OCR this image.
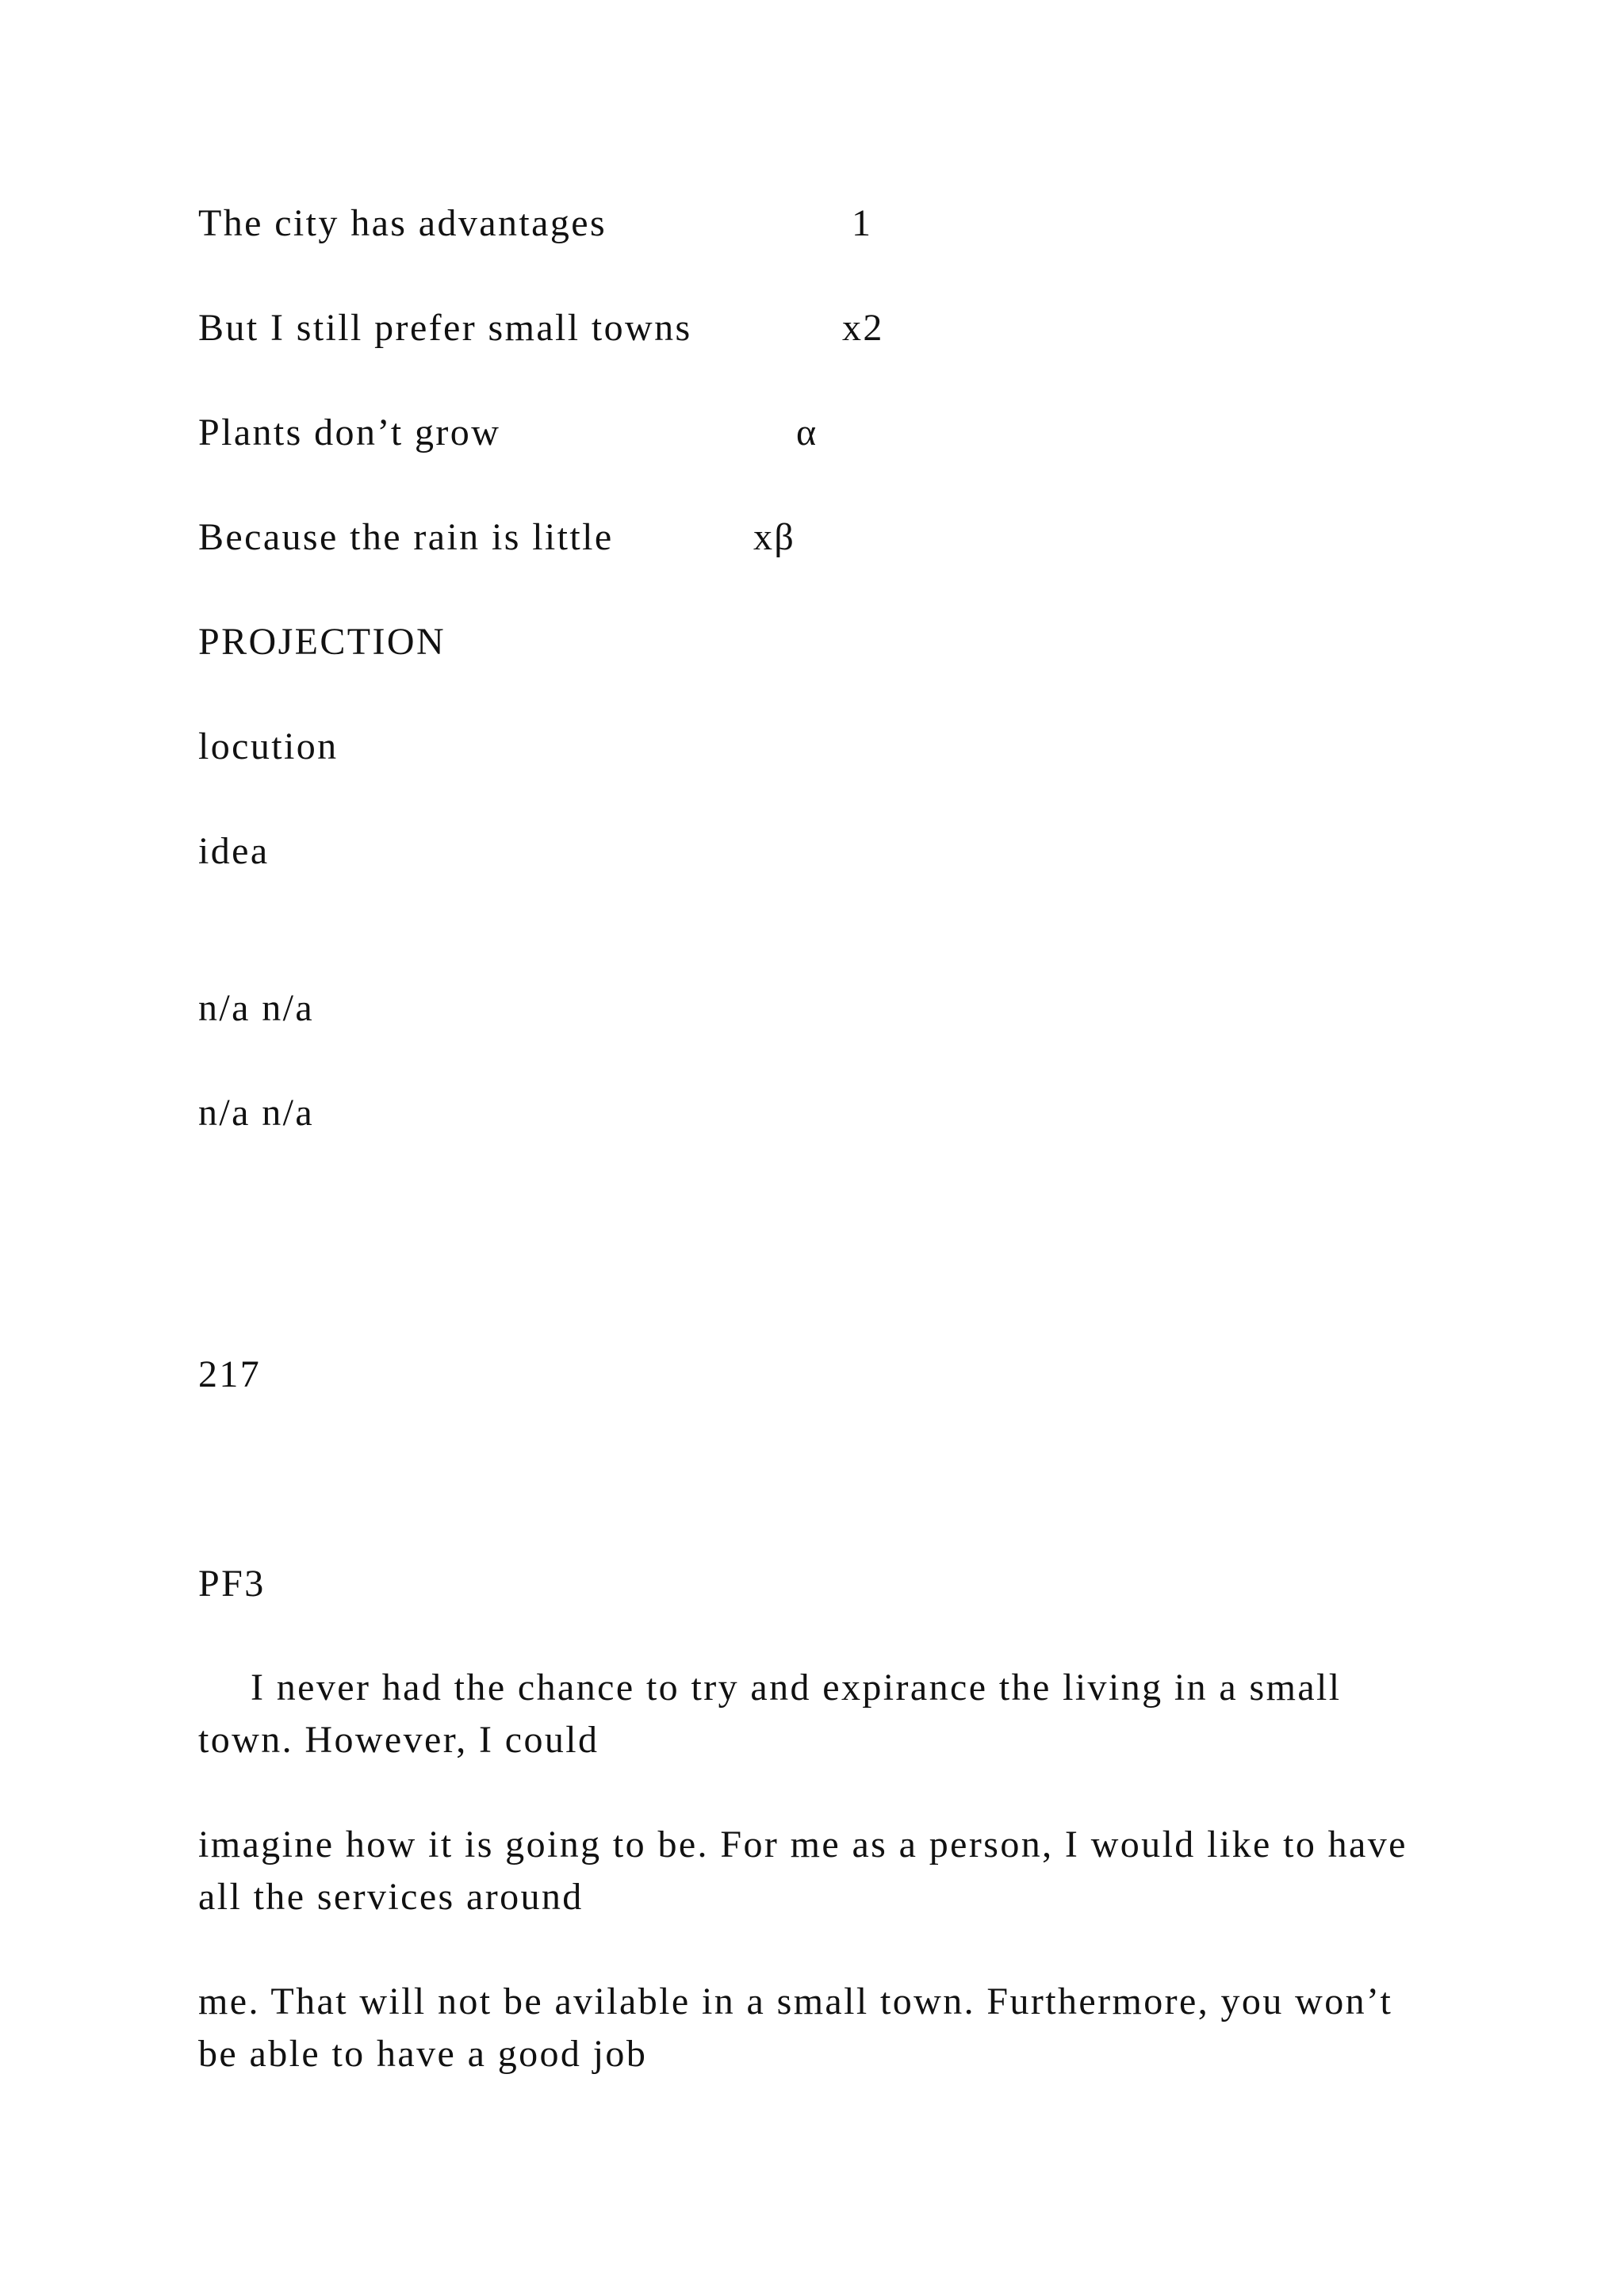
The city has advantages	1
But I still prefer small towns	x2
Plants don’t grow	α
Because the rain is little	xβ
PROJECTION
locution
idea
n/a n/a
n/a n/a
217
PF3
I never had the chance to try and expirance the living in a small town. However, I could
imagine how it is going to be. For me as a person, I would like to have all the services around
me. That will not be avilable in a small town. Furthermore, you won’t be able to have a good job
